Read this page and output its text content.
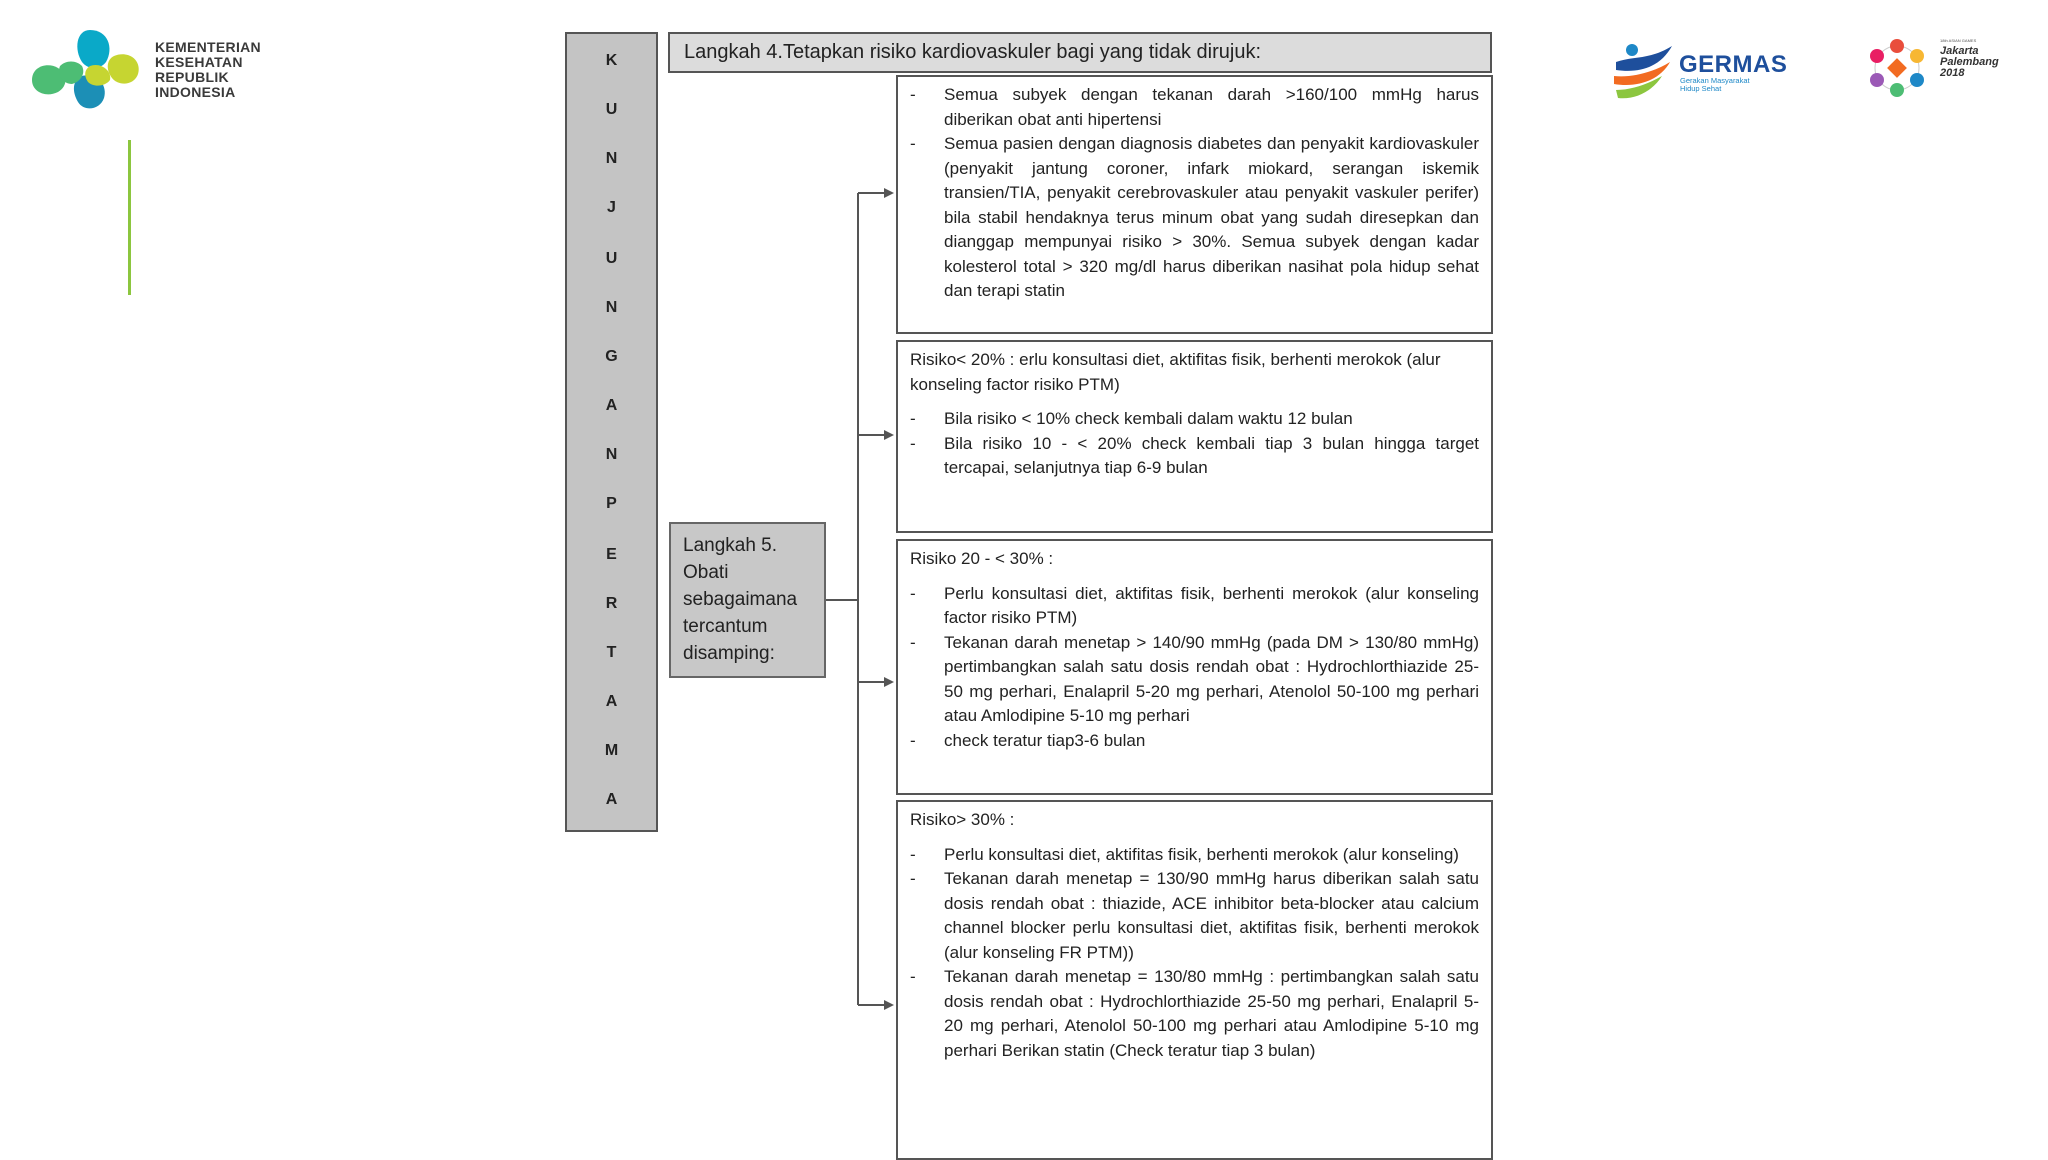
KEMENTERIAN
KESEHATAN
REPUBLIK
INDONESIA
GERMAS
Gerakan Masyarakat
Hidup Sehat
18th ASIAN GAMES
Jakarta
Palembang
2018
K
U
N
J
U
N
G
A
N
P
E
R
T
A
M
A
Langkah 4.Tetapkan risiko kardiovaskuler bagi yang tidak dirujuk:
Langkah 5.
Obati
sebagaimana
tercantum
disamping:
-	Semua subyek dengan tekanan darah >160/100 mmHg harus diberikan obat anti hipertensi
-	Semua pasien dengan diagnosis diabetes dan penyakit kardiovaskuler (penyakit jantung coroner, infark miokard, serangan iskemik transien/TIA, penyakit cerebrovaskuler atau penyakit vaskuler perifer) bila stabil hendaknya terus minum obat yang sudah diresepkan dan dianggap mempunyai risiko > 30%. Semua subyek dengan kadar kolesterol total > 320 mg/dl harus diberikan nasihat pola hidup sehat dan terapi statin
Risiko< 20% : erlu konsultasi diet, aktifitas fisik, berhenti merokok (alur konseling factor risiko PTM)
-	Bila risiko < 10% check kembali dalam waktu 12 bulan
-	Bila risiko 10 - < 20% check kembali tiap 3 bulan hingga target tercapai, selanjutnya tiap 6-9 bulan
Risiko 20 - < 30% :
-	Perlu konsultasi diet, aktifitas fisik, berhenti merokok (alur konseling factor risiko PTM)
-	Tekanan darah menetap > 140/90 mmHg (pada DM > 130/80 mmHg) pertimbangkan salah satu dosis rendah obat : Hydrochlorthiazide 25-50 mg perhari, Enalapril 5-20 mg perhari, Atenolol 50-100 mg perhari atau Amlodipine 5-10 mg perhari
-	check teratur tiap3-6 bulan
Risiko> 30% :
-	Perlu konsultasi diet, aktifitas fisik, berhenti merokok (alur konseling)
-	Tekanan darah menetap = 130/90 mmHg harus diberikan salah satu dosis rendah obat : thiazide, ACE inhibitor beta-blocker atau calcium channel blocker perlu konsultasi diet, aktifitas fisik, berhenti merokok (alur konseling FR PTM))
-	Tekanan darah menetap = 130/80 mmHg : pertimbangkan salah satu dosis rendah obat : Hydrochlorthiazide 25-50 mg perhari, Enalapril 5-20 mg perhari, Atenolol 50-100 mg perhari atau Amlodipine 5-10 mg perhari Berikan statin (Check teratur tiap 3 bulan)
